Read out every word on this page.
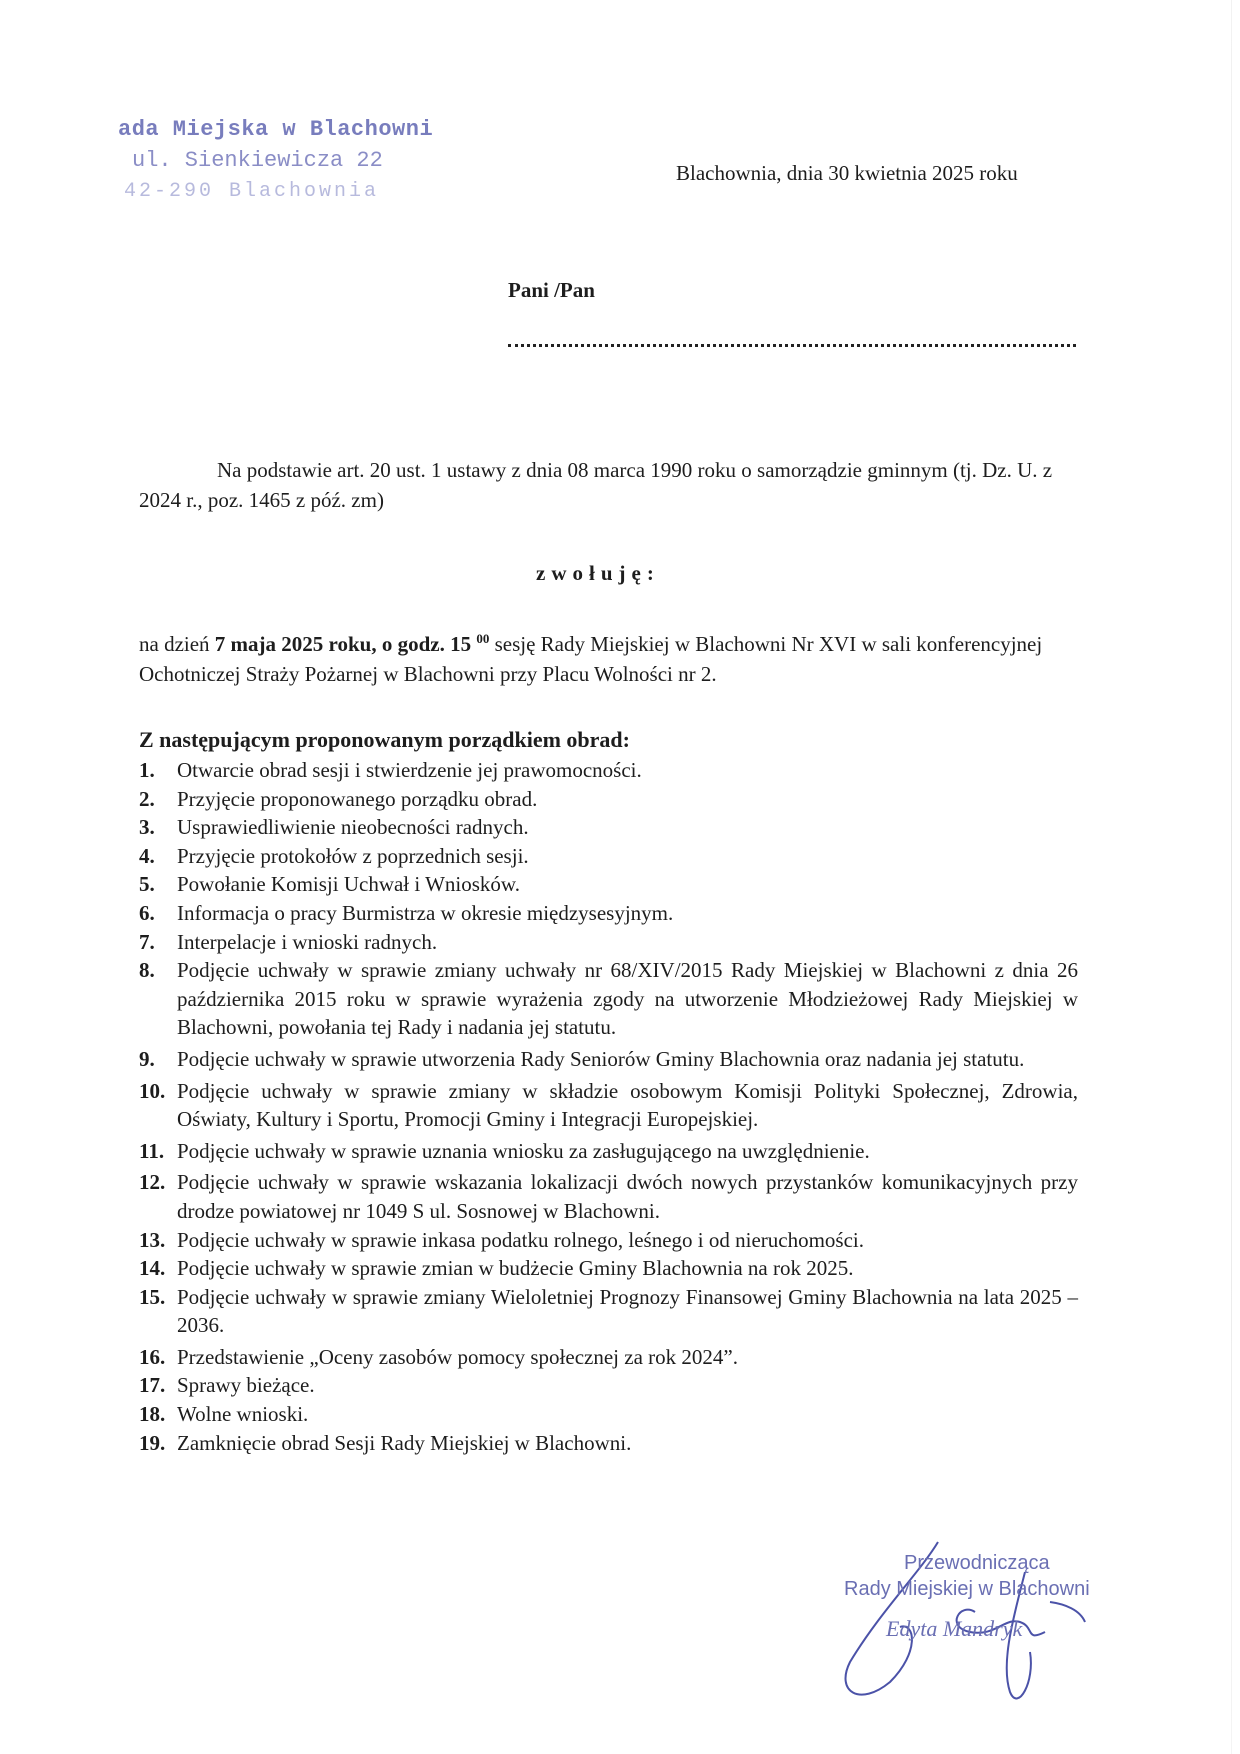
ada Miejska w Blachowni
ul. Sienkiewicza 22
42-290 Blachownia
Blachownia, dnia 30 kwietnia 2025 roku
Pani /Pan
Na podstawie art. 20 ust. 1 ustawy z dnia 08 marca 1990 roku o samorządzie gminnym (tj. Dz. U. z 2024 r., poz. 1465 z póź. zm)
zwołuję:
na dzień 7 maja 2025 roku, o godz. 15 $^{00}$ sesję Rady Miejskiej w Blachowni Nr XVI w sali konferencyjnej Ochotniczej Straży Pożarnej w Blachowni przy Placu Wolności nr 2.
Z następującym proponowanym porządkiem obrad:
1.	Otwarcie obrad sesji i stwierdzenie jej prawomocności.
2.	Przyjęcie proponowanego porządku obrad.
3.	Usprawiedliwienie nieobecności radnych.
4.	Przyjęcie protokołów z poprzednich sesji.
5.	Powołanie Komisji Uchwał i Wniosków.
6.	Informacja o pracy Burmistrza w okresie międzysesyjnym.
7.	Interpelacje i wnioski radnych.
8.	Podjęcie uchwały w sprawie zmiany uchwały nr 68/XIV/2015 Rady Miejskiej w Blachowni z dnia 26 października 2015 roku w sprawie wyrażenia zgody na utworzenie Młodzieżowej Rady Miejskiej w Blachowni, powołania tej Rady i nadania jej statutu.
9.	Podjęcie uchwały w sprawie utworzenia Rady Seniorów Gminy Blachownia oraz nadania jej statutu.
10. Podjęcie uchwały w sprawie zmiany w składzie osobowym Komisji Polityki Społecznej, Zdrowia, Oświaty, Kultury i Sportu, Promocji Gminy i Integracji Europejskiej.
11. Podjęcie uchwały w sprawie uznania wniosku za zasługującego na uwzględnienie.
12. Podjęcie uchwały w sprawie wskazania lokalizacji dwóch nowych przystanków komunikacyjnych przy drodze powiatowej nr 1049 S ul. Sosnowej w Blachowni.
13. Podjęcie uchwały w sprawie inkasa podatku rolnego, leśnego i od nieruchomości.
14. Podjęcie uchwały w sprawie zmian w budżecie Gminy Blachownia na rok 2025.
15. Podjęcie uchwały w sprawie zmiany Wieloletniej Prognozy Finansowej Gminy Blachownia na lata 2025 – 2036.
16. Przedstawienie „Oceny zasobów pomocy społecznej za rok 2024”.
17. Sprawy bieżące.
18. Wolne wnioski.
19. Zamknięcie obrad Sesji Rady Miejskiej w Blachowni.
Przewodnicząca
Rady Miejskiej w Blachowni
Edyta Mandryk
